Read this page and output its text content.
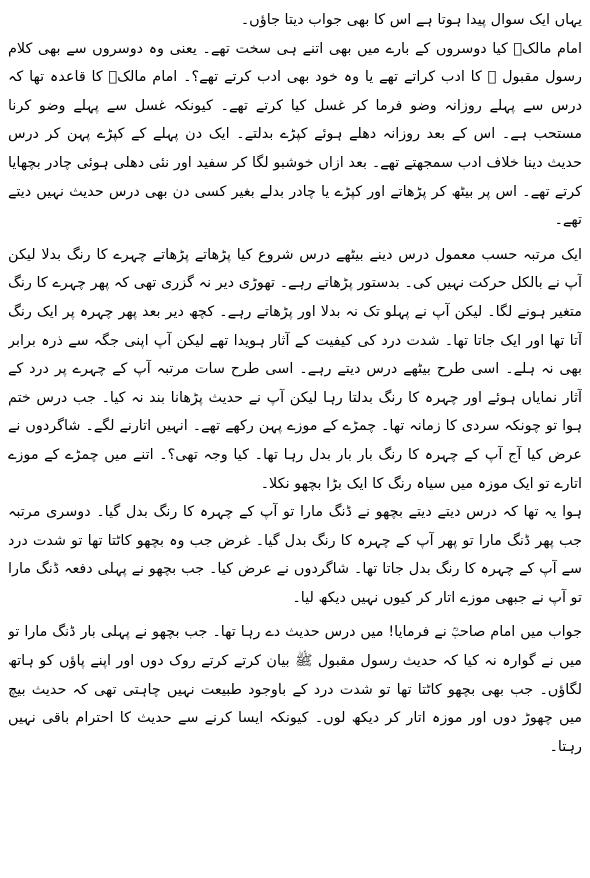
یہاں ایک سوال پیدا ہوتا ہے اس کا بھی جواب دیتا جاؤں۔

امام مالکؒ کیا دوسروں کے بارے میں بھی اتنے ہی سخت تھے۔ یعنی وہ دوسروں سے بھی کلام رسول مقبول ﷺ کا ادب کراتے تھے یا وہ خود بھی ادب کرتے تھے؟۔ امام مالکؒ کا قاعدہ تھا کہ درس سے پہلے روزانہ وضو فرما کر غسل کیا کرتے تھے۔ کیونکہ غسل سے پہلے وضو کرنا مستحب ہے۔ اس کے بعد روزانہ دھلے ہوئے کپڑے بدلتے۔ ایک دن پہلے کے کپڑے پہن کر درس حدیث دینا خلاف ادب سمجھتے تھے۔ بعد ازاں خوشبو لگا کر سفید اور نئی دھلی ہوئی چادر بچھایا کرتے تھے۔ اس پر بیٹھ کر پڑھاتے اور کپڑے یا چادر بدلے بغیر کسی دن بھی درس حدیث نہیں دیتے تھے۔

ایک مرتبہ حسب معمول درس دینے بیٹھے درس شروع کیا پڑھاتے پڑھاتے چہرے کا رنگ بدلا لیکن آپ نے بالکل حرکت نہیں کی۔ بدستور پڑھاتے رہے۔ تھوڑی دیر نہ گزری تھی کہ پھر چہرے کا رنگ متغیر ہونے لگا۔ لیکن آپ نے پہلو تک نہ بدلا اور پڑھاتے رہے۔ کچھ دیر بعد پھر چہرہ پر ایک رنگ آتا تھا اور ایک جاتا تھا۔ شدت درد کی کیفیت کے آثار ہویدا تھے لیکن آپ اپنی جگہ سے ذرہ برابر بھی نہ ہلے۔ اسی طرح بیٹھے درس دیتے رہے۔ اسی طرح سات مرتبہ آپ کے چہرے پر درد کے آثار نمایاں ہوئے اور چہرہ کا رنگ بدلتا رہا لیکن آپ نے حدیث پڑھانا بند نہ کیا۔ جب درس ختم ہوا تو چونکہ سردی کا زمانہ تھا۔ چمڑے کے موزے پہن رکھے تھے۔ انہیں اتارنے لگے۔ شاگردوں نے عرض کیا آج آپ کے چہرہ کا رنگ بار بار بدل رہا تھا۔ کیا وجہ تھی؟۔ اتنے میں چمڑے کے موزے اتارے تو ایک موزہ میں سیاہ رنگ کا ایک بڑا بچھو نکلا۔

ہوا یہ تھا کہ درس دیتے دیتے بچھو نے ڈنگ مارا تو آپ کے چہرہ کا رنگ بدل گیا۔ دوسری مرتبہ جب پھر ڈنگ مارا تو پھر آپ کے چہرہ کا رنگ بدل گیا۔ غرض جب وہ بچھو کاٹتا تھا تو شدت درد سے آپ کے چہرہ کا رنگ بدل جاتا تھا۔ شاگردوں نے عرض کیا۔ جب بچھو نے پہلی دفعہ ڈنگ مارا تو آپ نے جبھی موزے اتار کر کیوں نہیں دیکھ لیا۔

جواب میں امام صاحبؒ نے فرمایا! میں درس حدیث دے رہا تھا۔ جب بچھو نے پہلی بار ڈنگ مارا تو میں نے گوارہ نہ کیا کہ حدیث رسول مقبول ﷺ بیان کرتے کرتے روک دوں اور اپنے پاؤں کو ہاتھ لگاؤں۔ جب بھی بچھو کاٹتا تھا تو شدت درد کے باوجود طبیعت نہیں چاہتی تھی کہ حدیث بیچ میں چھوڑ دوں اور موزہ اتار کر دیکھ لوں۔ کیونکہ ایسا کرنے سے حدیث کا احترام باقی نہیں رہتا۔
